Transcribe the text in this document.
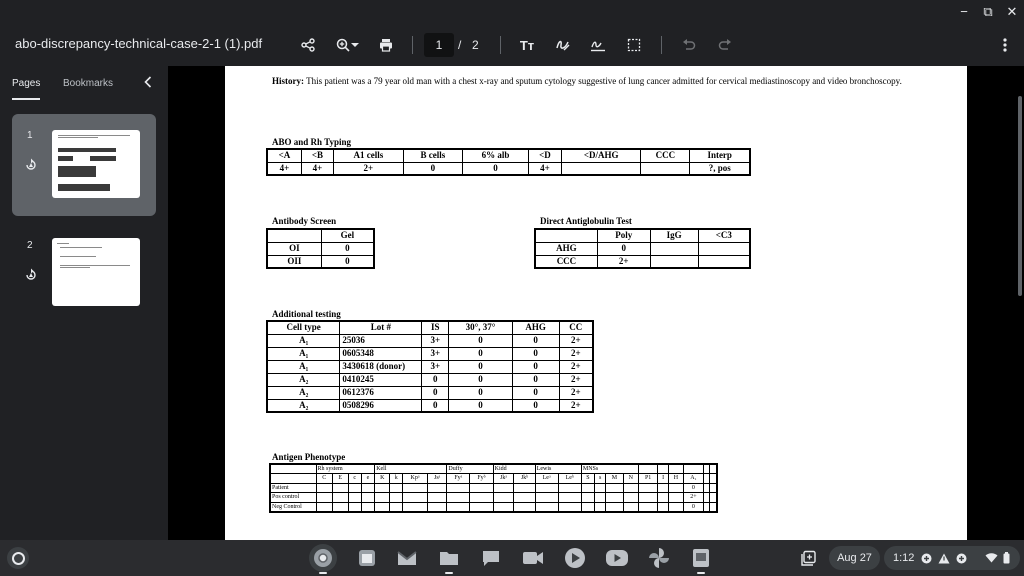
−	⧉ ✕
abo-discrepancy-technical-case-2-1 (1).pdf	1	/ 2	Tт
Pages Bookmarks
1
2
History: This patient was a 79 year old man with a chest x-ray and sputum cytology suggestive of lung cancer admitted for cervical mediastinoscopy and video bronchoscopy.
ABO and Rh Typing
<A	<B	A1 cells	B cells	6% alb	<D	<D/AHG	CCC	Interp
4+	4+	2+	0	0	4+			?, pos
Antibody Screen
	Gel
OI	0
OII	0
Direct Antiglobulin Test
	Poly	IgG	<C3
AHG	0		
CCC	2+		
Additional testing
Cell type	Lot #	IS	30°, 37°	AHG	CC
A₁	25036	3+	0	0	2+
A₁	0605348	3+	0	0	2+
A₁	3430618 (donor)	3+	0	0	2+
A₂	0410245	0	0	0	2+
A₂	0612376	0	0	0	2+
A₂	0508296	0	0	0	2+
Antigen Phenotype
	Rh system				Kell				Duffy		Kidd		Lewis		MNSs									
	C	E	c	e	K	k	Kpᵃ	Jsᵃ	Fyᵃ	Fyᵇ	Jkᵃ	Jkᵇ	Leᵃ	Leᵇ	S	s	M	N	P1	I	H	A₁		
Patient																						0		
Pos control																						2+		
Neg Control																						0		
Aug 27 1:12
